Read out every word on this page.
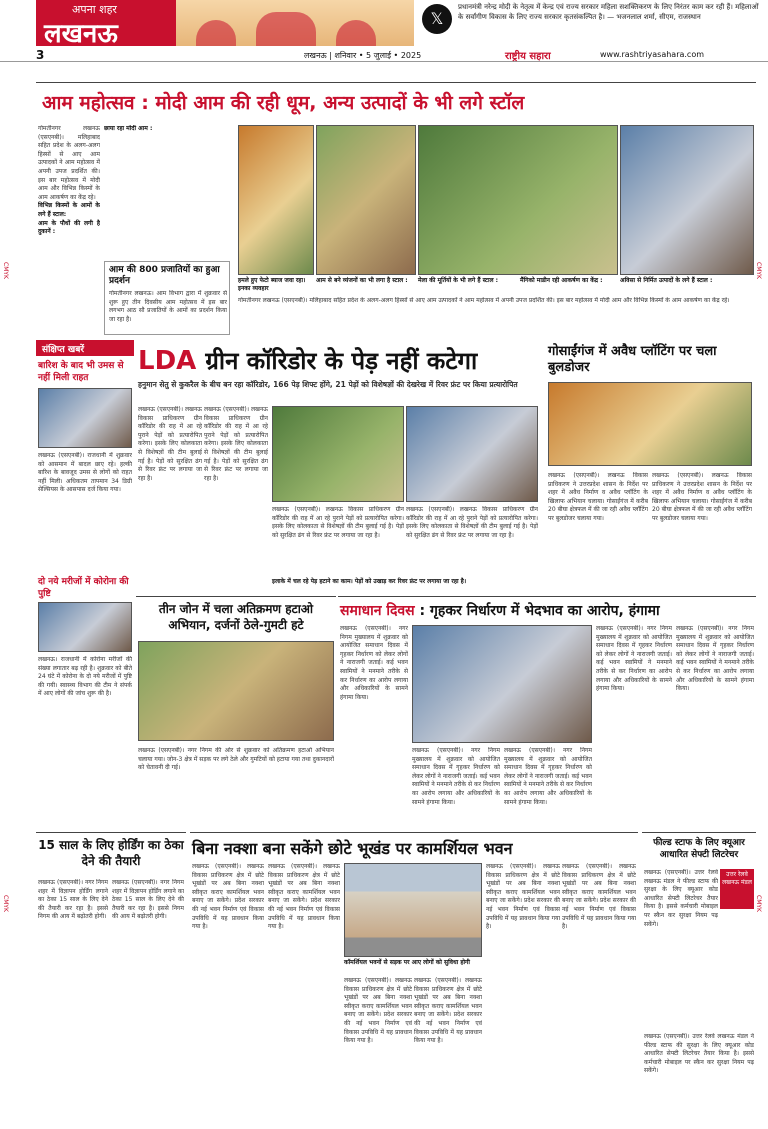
अपना शहर
लखनऊ
𝕏
प्रधानमंत्री नरेन्द्र मोदी के नेतृत्व में केन्द्र एवं राज्य सरकार महिला सशक्तिकरण के लिए निरंतर काम कर रही हैं। महिलाओं के सर्वांगीण विकास के लिए राज्य सरकार कृतसंकल्पित है। — भजनलाल शर्मा, सीएम, राजस्थान
3	लखनऊ | शनिवार • 5 जुलाई • 2025	राष्ट्रीय सहारा	www.rashtriyasahara.com
CMYK	CMYK
CMYK	CMYK
आम महोत्सव : मोदी आम की रही धूम, अन्य उत्पादों के भी लगे स्टॉल
गोमतीनगर लखनऊ (एसएनबी)। मलिहाबाद सहित प्रदेश के अलग-अलग हिस्सों से आए आम उत्पादकों ने आम महोत्सव में अपनी उपज प्रदर्शित की। इस बार महोत्सव में मोदी आम और विभिन्न किस्मों के आम आकर्षण का केंद्र रहे।
विभिन्न किस्मों के आमों के लगे हैं स्टाल:
आम के पौधों की लगी है दुकानें :
छाया रहा मोदी आम :
आम की 800 प्रजातियों का हुआ प्रदर्शन
गोमतीनगर लखनऊ। आम विभाग द्वारा में शुक्रवार से शुरू हुए तीन दिवसीय आम महोत्सव में इस बार लगभग आठ सौ प्रजातियों के आमों का प्रदर्शन किया जा रहा है।
हमले हुए फेटो ब्याज जवा रहा। इनका व्यवहार
आम से बने व्यंजनों का भी लगा है स्टाल :	मेला की मूर्तियों के भी लगे हैं स्टाल :	मैंगिको माडीन रही आकर्षण का केंद्र :	अविसा से निर्मित उत्पादों के लगे हैं स्टाल :
गोमतीनगर लखनऊ (एसएनबी)। मलिहाबाद सहित प्रदेश के अलग-अलग हिस्सों से आए आम उत्पादकों ने आम महोत्सव में अपनी उपज प्रदर्शित की। इस बार महोत्सव में मोदी आम और विभिन्न किस्मों के आम आकर्षण का केंद्र रहे।
संक्षिप्त खबरें
बारिश के बाद भी उमस से नहीं मिली राहत
लखनऊ (एसएनबी)। राजधानी में शुक्रवार को आसमान में बादल छाए रहे। हल्की बारिश के बावजूद उमस से लोगों को राहत नहीं मिली। अधिकतम तापमान 34 डिग्री सेल्सियस के आसपास दर्ज किया गया।
दो नये मरीजों में कोरोना की पुष्टि
लखनऊ। राजधानी में कोरोना मरीजों की संख्या लगातार बढ़ रही है। शुक्रवार को बीते 24 घंटे में कोरोना के दो नये मरीजों में पुष्टि की गयी। स्वास्थ्य विभाग की टीम ने संपर्क में आए लोगों की जांच शुरू की है।
LDA ग्रीन कॉरिडोर के पेड़ नहीं कटेगा
हनुमान सेतु से कुकरैल के बीच बन रहा कॉरिडोर, 166 पेड़ शिफ्ट होंगे, 21 पेड़ों को विशेषज्ञों की देखरेख में रिवर फ्रंट पर किया प्रत्यारोपित
लखनऊ (एसएनबी)। लखनऊ विकास प्राधिकरण ग्रीन कॉरिडोर की राह में आ रहे पुराने पेड़ों को प्रत्यारोपित करेगा। इसके लिए कोलकाता से विशेषज्ञों की टीम बुलाई गई है। पेड़ों को सुरक्षित ढंग से रिवर फ्रंट पर लगाया जा रहा है।
लखनऊ (एसएनबी)। लखनऊ विकास प्राधिकरण ग्रीन कॉरिडोर की राह में आ रहे पुराने पेड़ों को प्रत्यारोपित करेगा। इसके लिए कोलकाता से विशेषज्ञों की टीम बुलाई गई है। पेड़ों को सुरक्षित ढंग से रिवर फ्रंट पर लगाया जा रहा है।
लखनऊ (एसएनबी)। लखनऊ विकास प्राधिकरण ग्रीन कॉरिडोर की राह में आ रहे पुराने पेड़ों को प्रत्यारोपित करेगा। इसके लिए कोलकाता से विशेषज्ञों की टीम बुलाई गई है। पेड़ों को सुरक्षित ढंग से रिवर फ्रंट पर लगाया जा रहा है।
लखनऊ (एसएनबी)। लखनऊ विकास प्राधिकरण ग्रीन कॉरिडोर की राह में आ रहे पुराने पेड़ों को प्रत्यारोपित करेगा। इसके लिए कोलकाता से विशेषज्ञों की टीम बुलाई गई है। पेड़ों को सुरक्षित ढंग से रिवर फ्रंट पर लगाया जा रहा है।
इलाके में चल रहे पेड़ हटाने का काम। पेड़ों को उखाड़ कर रिवर फ्रंट पर लगाया जा रहा है।
गोसाईंगंज में अवैध प्लॉटिंग पर चला बुलडोजर
लखनऊ (एसएनबी)। लखनऊ विकास प्राधिकरण ने उत्तरप्रदेश शासन के निर्देश पर शहर में अवैध निर्माण व अवैध प्लॉटिंग के खिलाफ अभियान चलाया। गोसाईंगंज में करीब 20 बीघा क्षेत्रफल में की जा रही अवैध प्लॉटिंग पर बुलडोजर चलाया गया।
लखनऊ (एसएनबी)। लखनऊ विकास प्राधिकरण ने उत्तरप्रदेश शासन के निर्देश पर शहर में अवैध निर्माण व अवैध प्लॉटिंग के खिलाफ अभियान चलाया। गोसाईंगंज में करीब 20 बीघा क्षेत्रफल में की जा रही अवैध प्लॉटिंग पर बुलडोजर चलाया गया।
तीन जोन में चला अतिक्रमण हटाओ अभियान, दर्जनों ठेले-गुमटी हटे
लखनऊ (एसएनबी)। नगर निगम की ओर से शुक्रवार को अतिक्रमण हटाओ अभियान चलाया गया। जोन-3 क्षेत्र में सड़क पर लगे ठेले और गुमटियों को हटाया गया तथा दुकानदारों को चेतावनी दी गई।
समाधान दिवस : गृहकर निर्धारण में भेदभाव का आरोप, हंगामा
लखनऊ (एसएनबी)। नगर निगम मुख्यालय में शुक्रवार को आयोजित समाधान दिवस में गृहकर निर्धारण को लेकर लोगों ने नाराजगी जताई। कई भवन स्वामियों ने मनमाने तरीके से कर निर्धारण का आरोप लगाया और अधिकारियों के सामने हंगामा किया।
लखनऊ (एसएनबी)। नगर निगम मुख्यालय में शुक्रवार को आयोजित समाधान दिवस में गृहकर निर्धारण को लेकर लोगों ने नाराजगी जताई। कई भवन स्वामियों ने मनमाने तरीके से कर निर्धारण का आरोप लगाया और अधिकारियों के सामने हंगामा किया।
लखनऊ (एसएनबी)। नगर निगम मुख्यालय में शुक्रवार को आयोजित समाधान दिवस में गृहकर निर्धारण को लेकर लोगों ने नाराजगी जताई। कई भवन स्वामियों ने मनमाने तरीके से कर निर्धारण का आरोप लगाया और अधिकारियों के सामने हंगामा किया।
लखनऊ (एसएनबी)। नगर निगम मुख्यालय में शुक्रवार को आयोजित समाधान दिवस में गृहकर निर्धारण को लेकर लोगों ने नाराजगी जताई। कई भवन स्वामियों ने मनमाने तरीके से कर निर्धारण का आरोप लगाया और अधिकारियों के सामने हंगामा किया।
लखनऊ (एसएनबी)। नगर निगम मुख्यालय में शुक्रवार को आयोजित समाधान दिवस में गृहकर निर्धारण को लेकर लोगों ने नाराजगी जताई। कई भवन स्वामियों ने मनमाने तरीके से कर निर्धारण का आरोप लगाया और अधिकारियों के सामने हंगामा किया।
15 साल के लिए होर्डिंग का ठेका देने की तैयारी
लखनऊ (एसएनबी)। नगर निगम शहर में विज्ञापन होर्डिंग लगाने का ठेका 15 साल के लिए देने की तैयारी कर रहा है। इससे निगम की आय में बढ़ोतरी होगी।
लखनऊ (एसएनबी)। नगर निगम शहर में विज्ञापन होर्डिंग लगाने का ठेका 15 साल के लिए देने की तैयारी कर रहा है। इससे निगम की आय में बढ़ोतरी होगी।
बिना नक्शा बना सकेंगे छोटे भूखंड पर कामर्शियल भवन
लखनऊ (एसएनबी)। लखनऊ विकास प्राधिकरण क्षेत्र में छोटे भूखंडों पर अब बिना नक्शा स्वीकृत कराए कामर्शियल भवन बनाए जा सकेंगे। प्रदेश सरकार की नई भवन निर्माण एवं विकास उपविधि में यह प्रावधान किया गया है।
लखनऊ (एसएनबी)। लखनऊ विकास प्राधिकरण क्षेत्र में छोटे भूखंडों पर अब बिना नक्शा स्वीकृत कराए कामर्शियल भवन बनाए जा सकेंगे। प्रदेश सरकार की नई भवन निर्माण एवं विकास उपविधि में यह प्रावधान किया गया है।
कॉमर्शियल भवनों से सड़क पर आए लोगों को सुविधा होगी
लखनऊ (एसएनबी)। लखनऊ विकास प्राधिकरण क्षेत्र में छोटे भूखंडों पर अब बिना नक्शा स्वीकृत कराए कामर्शियल भवन बनाए जा सकेंगे। प्रदेश सरकार की नई भवन निर्माण एवं विकास उपविधि में यह प्रावधान किया गया है।
लखनऊ (एसएनबी)। लखनऊ विकास प्राधिकरण क्षेत्र में छोटे भूखंडों पर अब बिना नक्शा स्वीकृत कराए कामर्शियल भवन बनाए जा सकेंगे। प्रदेश सरकार की नई भवन निर्माण एवं विकास उपविधि में यह प्रावधान किया गया है।
लखनऊ (एसएनबी)। लखनऊ विकास प्राधिकरण क्षेत्र में छोटे भूखंडों पर अब बिना नक्शा स्वीकृत कराए कामर्शियल भवन बनाए जा सकेंगे। प्रदेश सरकार की नई भवन निर्माण एवं विकास उपविधि में यह प्रावधान किया गया है।
लखनऊ (एसएनबी)। लखनऊ विकास प्राधिकरण क्षेत्र में छोटे भूखंडों पर अब बिना नक्शा स्वीकृत कराए कामर्शियल भवन बनाए जा सकेंगे। प्रदेश सरकार की नई भवन निर्माण एवं विकास उपविधि में यह प्रावधान किया गया है।
फील्ड स्टाफ के लिए क्यूआर आधारित सेफ्टी लिटरेचर
उत्तर रेलवे लखनऊ मंडल
लखनऊ (एसएनबी)। उत्तर रेलवे लखनऊ मंडल ने फील्ड स्टाफ की सुरक्षा के लिए क्यूआर कोड आधारित सेफ्टी लिटरेचर तैयार किया है। इससे कर्मचारी मोबाइल पर स्कैन कर सुरक्षा नियम पढ़ सकेंगे।
लखनऊ (एसएनबी)। उत्तर रेलवे लखनऊ मंडल ने फील्ड स्टाफ की सुरक्षा के लिए क्यूआर कोड आधारित सेफ्टी लिटरेचर तैयार किया है। इससे कर्मचारी मोबाइल पर स्कैन कर सुरक्षा नियम पढ़ सकेंगे।
